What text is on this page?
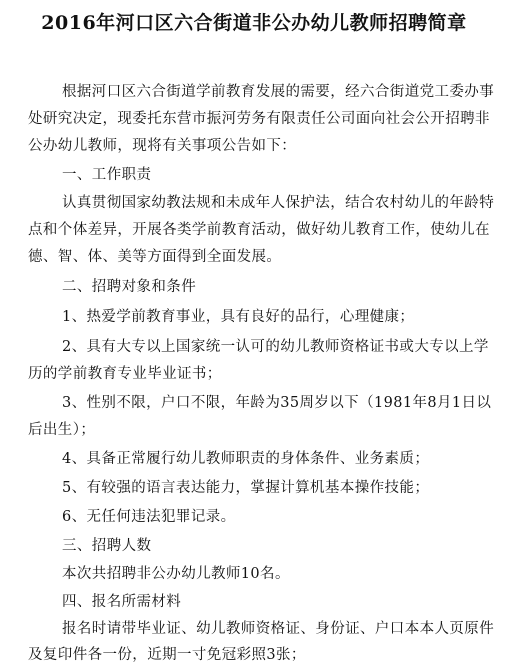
2016年河口区六合街道非公办幼儿教师招聘简章
根据河口区六合街道学前教育发展的需要，经六合街道党工委办事
处研究决定，现委托东营市振河劳务有限责任公司面向社会公开招聘非
公办幼儿教师，现将有关事项公告如下：
一、工作职责
认真贯彻国家幼教法规和未成年人保护法，结合农村幼儿的年龄特
点和个体差异，开展各类学前教育活动，做好幼儿教育工作，使幼儿在
德、智、体、美等方面得到全面发展。
二、招聘对象和条件
1、热爱学前教育事业，具有良好的品行，心理健康；
2、具有大专以上国家统一认可的幼儿教师资格证书或大专以上学
历的学前教育专业毕业证书；
3、性别不限，户口不限，年龄为35周岁以下（1981年8月1日以
后出生）；
4、具备正常履行幼儿教师职责的身体条件、业务素质；
5、有较强的语言表达能力，掌握计算机基本操作技能；
6、无任何违法犯罪记录。
三、招聘人数
本次共招聘非公办幼儿教师10名。
四、报名所需材料
报名时请带毕业证、幼儿教师资格证、身份证、户口本本人页原件
及复印件各一份，近期一寸免冠彩照3张；
